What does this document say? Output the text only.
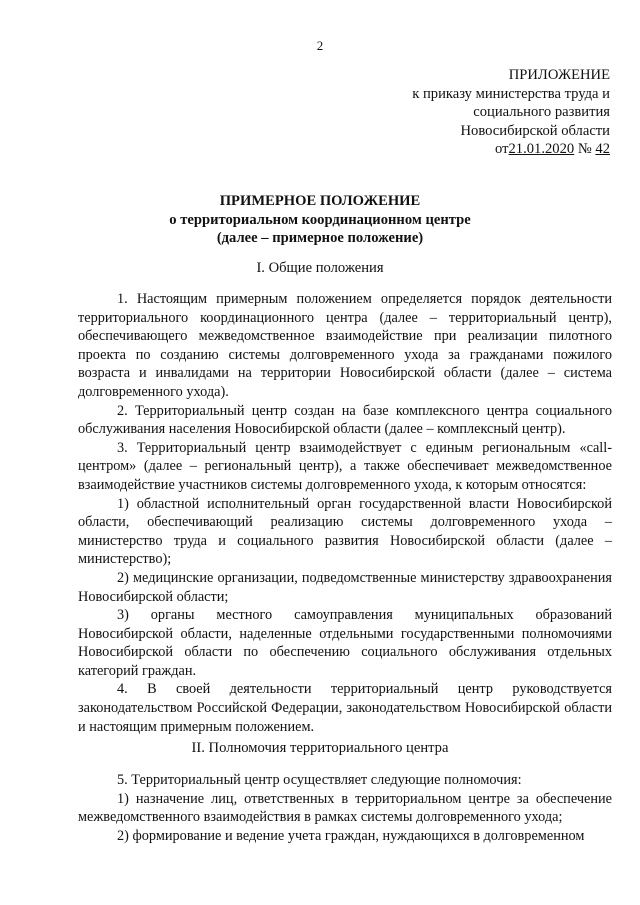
2
ПРИЛОЖЕНИЕ
к приказу министерства труда и
социального развития
Новосибирской области
от21.01.2020 № 42
ПРИМЕРНОЕ ПОЛОЖЕНИЕ
о территориальном координационном центре
(далее – примерное положение)
I. Общие положения

1. Настоящим примерным положением определяется порядок деятельности территориального координационного центра (далее – территориальный центр), обеспечивающего межведомственное взаимодействие при реализации пилотного проекта по созданию системы долговременного ухода за гражданами пожилого возраста и инвалидами на территории Новосибирской области (далее – система долговременного ухода).

2. Территориальный центр создан на базе комплексного центра социального обслуживания населения Новосибирской области (далее – комплексный центр).

3. Территориальный центр взаимодействует с единым региональным «call-центром» (далее – региональный центр), а также обеспечивает межведомственное взаимодействие участников системы долговременного ухода, к которым относятся:

1) областной исполнительный орган государственной власти Новосибирской области, обеспечивающий реализацию системы долговременного ухода – министерство труда и социального развития Новосибирской области (далее – министерство);

2) медицинские организации, подведомственные министерству здравоохранения Новосибирской области;

3) органы местного самоуправления муниципальных образований Новосибирской области, наделенные отдельными государственными полномочиями Новосибирской области по обеспечению социального обслуживания отдельных категорий граждан.

4. В своей деятельности территориальный центр руководствуется законодательством Российской Федерации, законодательством Новосибирской области и настоящим примерным положением.

II. Полномочия территориального центра

5. Территориальный центр осуществляет следующие полномочия:

1) назначение лиц, ответственных в территориальном центре за обеспечение межведомственного взаимодействия в рамках системы долговременного ухода;

2) формирование и ведение учета граждан, нуждающихся в долговременном
